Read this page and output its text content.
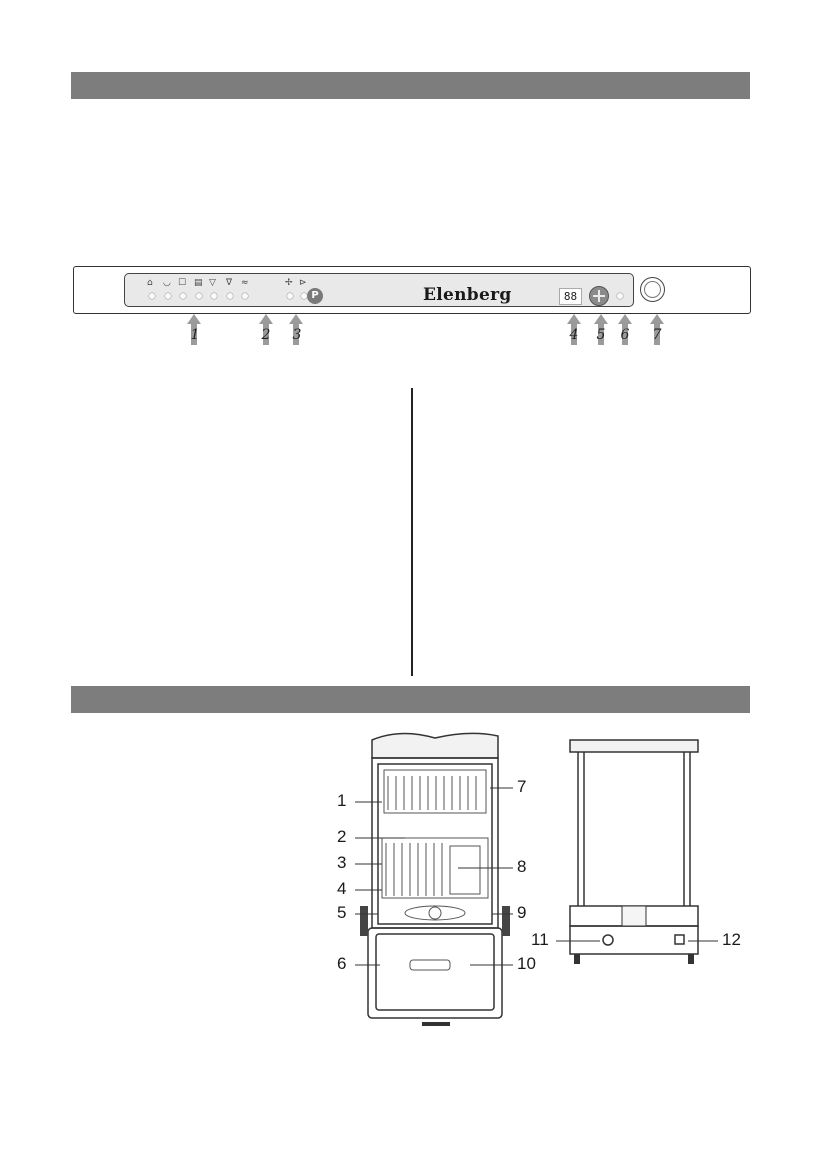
⌂ ◡ ☐ ▤ ▽ ∇ ≈	✢ ⊳
P	Elenberg	88
1	2	3	4	5	6	7
1
2
3
4
5
6
7
8
9
10
11	12
